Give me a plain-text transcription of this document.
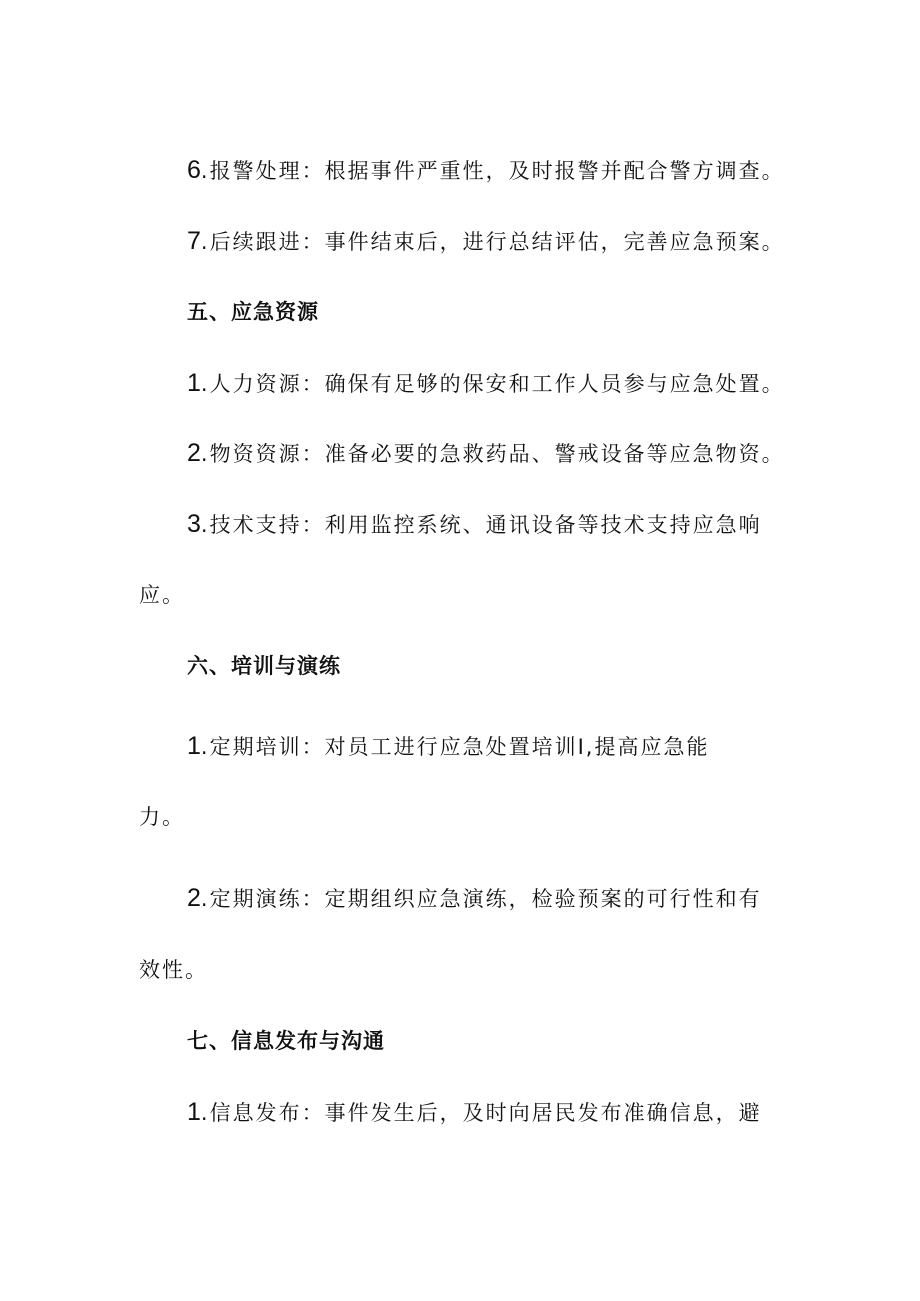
6.报警处理：根据事件严重性，及时报警并配合警方调查。
7.后续跟进：事件结束后，进行总结评估，完善应急预案。
五、应急资源
1.人力资源：确保有足够的保安和工作人员参与应急处置。
2.物资资源：准备必要的急救药品、警戒设备等应急物资。
3.技术支持：利用监控系统、通讯设备等技术支持应急响
应。
六、培训与演练
1.定期培训：对员工进行应急处置培训I,提高应急能
力。
2.定期演练：定期组织应急演练，检验预案的可行性和有
效性。
七、信息发布与沟通
1.信息发布：事件发生后，及时向居民发布准确信息，避
